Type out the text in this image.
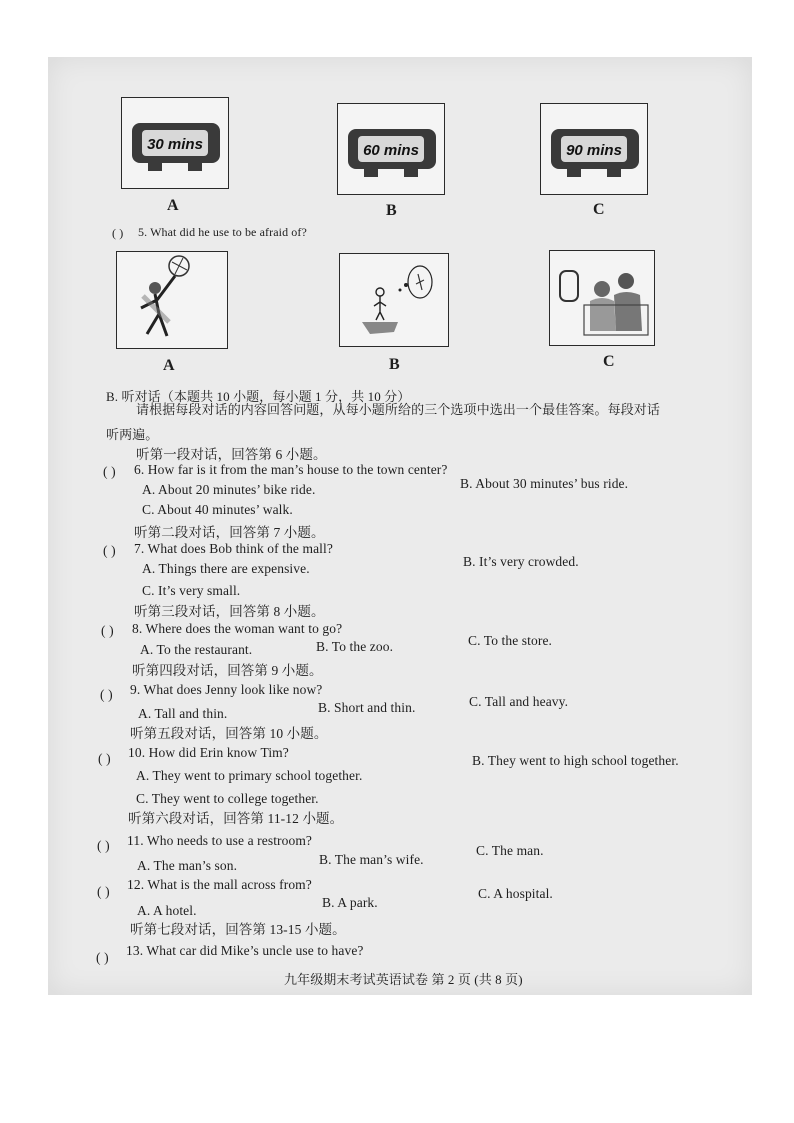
30 mins
A
60 mins
B
90 mins
C
( ) 5. What did he use to be afraid of?
A	B	C
B. 听对话（本题共 10 小题，每小题 1 分，共 10 分）
请根据每段对话的内容回答问题，从每小题所给的三个选项中选出一个最佳答案。每段对话
听两遍。
听第一段对话，回答第 6 小题。
( ) 6. How far is it from the man’s house to the town center?
A. About 20 minutes’ bike ride.	B. About 30 minutes’ bus ride.
C. About 40 minutes’ walk.
听第二段对话，回答第 7 小题。
( ) 7. What does Bob think of the mall?
A. Things there are expensive.	B. It’s very crowded.
C. It’s very small.
听第三段对话，回答第 8 小题。
( ) 8. Where does the woman want to go?
A. To the restaurant.	B. To the zoo.	C. To the store.
听第四段对话，回答第 9 小题。
( ) 9. What does Jenny look like now?
A. Tall and thin.	B. Short and thin.	C. Tall and heavy.
听第五段对话，回答第 10 小题。
( ) 10. How did Erin know Tim?
A. They went to primary school together.
B. They went to high school together.
C. They went to college together.
听第六段对话，回答第 11-12 小题。
( ) 11. Who needs to use a restroom?
A. The man’s son.	B. The man’s wife.
C. The man.
( ) 12. What is the mall across from?
A. A hotel.
B. A park.
C. A hospital.
听第七段对话，回答第 13-15 小题。
( ) 13. What car did Mike’s uncle use to have?
九年级期末考试英语试卷 第 2 页 (共 8 页)
